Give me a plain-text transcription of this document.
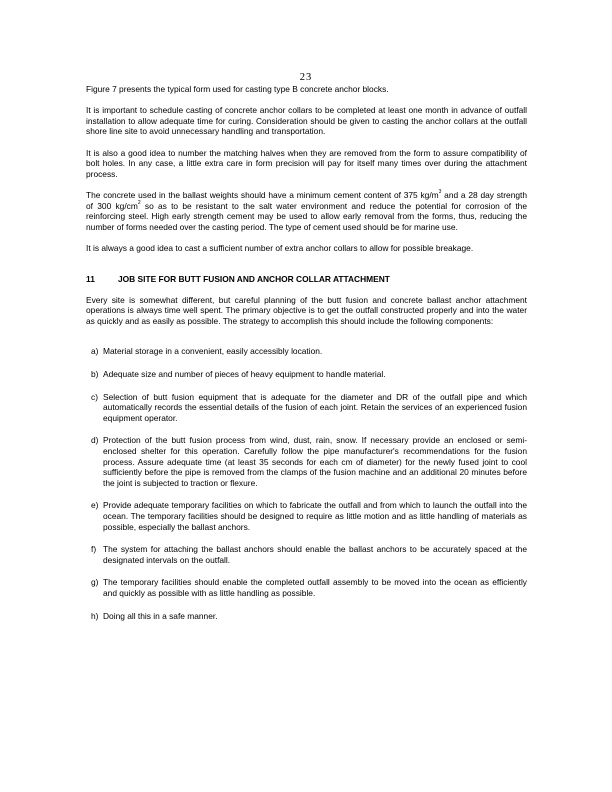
23

Figure 7 presents the typical form used for casting type B concrete anchor blocks.

It is important to schedule casting of concrete anchor collars to be completed at least one month in advance of outfall installation to allow adequate time for curing. Consideration should be given to casting the anchor collars at the outfall shore line site to avoid unnecessary handling and transportation.

It is also a good idea to number the matching halves when they are removed from the form to assure compatibility of bolt holes. In any case, a little extra care in form precision will pay for itself many times over during the attachment process.

The concrete used in the ballast weights should have a minimum cement content of 375 $kg/m^3$ and a 28 day strength of 300 $kg/cm^2$ so as to be resistant to the salt water environment and reduce the potential for corrosion of the reinforcing steel. High early strength cement may be used to allow early removal from the forms, thus, reducing the number of forms needed over the casting period. The type of cement used should be for marine use.

It is always a good idea to cast a sufficient number of extra anchor collars to allow for possible breakage.

11	JOB SITE FOR BUTT FUSION AND ANCHOR COLLAR ATTACHMENT

Every site is somewhat different, but careful planning of the butt fusion and concrete ballast anchor attachment operations is always time well spent. The primary objective is to get the outfall constructed properly and into the water as quickly and as easily as possible. The strategy to accomplish this should include the following components:

a) Material storage in a convenient, easily accessibly location.
b) Adequate size and number of pieces of heavy equipment to handle material.
c) Selection of butt fusion equipment that is adequate for the diameter and DR of the outfall pipe and which automatically records the essential details of the fusion of each joint. Retain the services of an experienced fusion equipment operator.
d) Protection of the butt fusion process from wind, dust, rain, snow. If necessary provide an enclosed or semi-enclosed shelter for this operation. Carefully follow the pipe manufacturer's recommendations for the fusion process. Assure adequate time (at least 35 seconds for each cm of diameter) for the newly fused joint to cool sufficiently before the pipe is removed from the clamps of the fusion machine and an additional 20 minutes before the joint is subjected to traction or flexure.
e) Provide adequate temporary facilities on which to fabricate the outfall and from which to launch the outfall into the ocean. The temporary facilities should be designed to require as little motion and as little handling of materials as possible, especially the ballast anchors.
f) The system for attaching the ballast anchors should enable the ballast anchors to be accurately spaced at the designated intervals on the outfall.
g) The temporary facilities should enable the completed outfall assembly to be moved into the ocean as efficiently and quickly as possible with as little handling as possible.
h) Doing all this in a safe manner.
